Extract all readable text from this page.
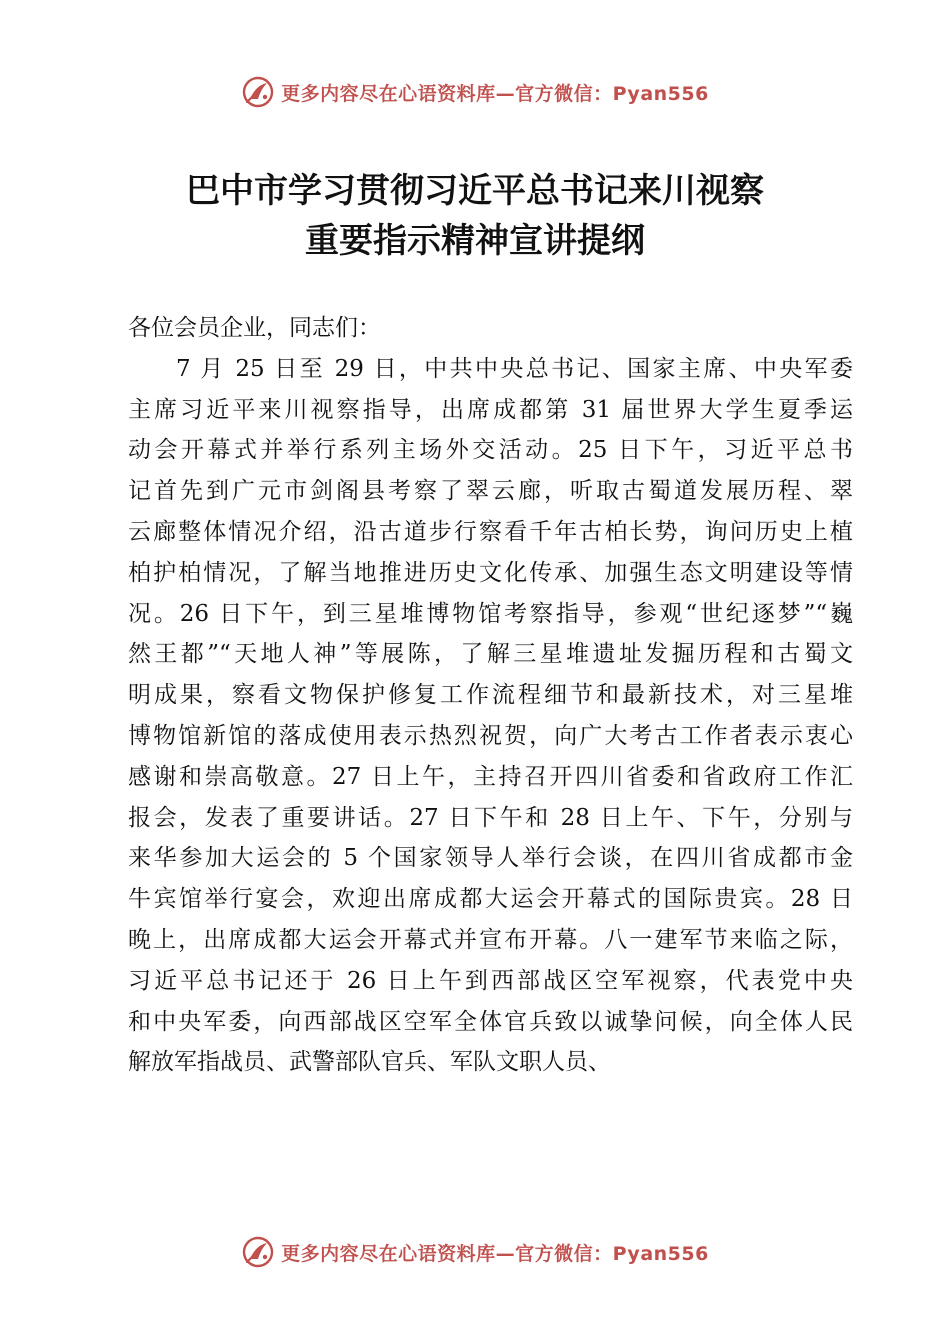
更多内容尽在心语资料库—官方微信：Pyan556
巴中市学习贯彻习近平总书记来川视察
重要指示精神宣讲提纲
各位会员企业，同志们：
7 月 25 日至 29 日，中共中央总书记、国家主席、中央军委
主席习近平来川视察指导，出席成都第 31 届世界大学生夏季运
动会开幕式并举行系列主场外交活动。25 日下午，习近平总书
记首先到广元市剑阁县考察了翠云廊，听取古蜀道发展历程、翠
云廊整体情况介绍，沿古道步行察看千年古柏长势，询问历史上植
柏护柏情况，了解当地推进历史文化传承、加强生态文明建设等情
况。26 日下午，到三星堆博物馆考察指导，参观“世纪逐梦”“巍
然王都”“天地人神”等展陈，了解三星堆遗址发掘历程和古蜀文
明成果，察看文物保护修复工作流程细节和最新技术，对三星堆
博物馆新馆的落成使用表示热烈祝贺，向广大考古工作者表示衷心
感谢和崇高敬意。27 日上午，主持召开四川省委和省政府工作汇
报会，发表了重要讲话。27 日下午和 28 日上午、下午，分别与
来华参加大运会的 5 个国家领导人举行会谈，在四川省成都市金
牛宾馆举行宴会，欢迎出席成都大运会开幕式的国际贵宾。28 日
晚上，出席成都大运会开幕式并宣布开幕。八一建军节来临之际，
习近平总书记还于 26 日上午到西部战区空军视察，代表党中央
和中央军委，向西部战区空军全体官兵致以诚挚问候，向全体人民
解放军指战员、武警部队官兵、军队文职人员、
更多内容尽在心语资料库—官方微信：Pyan556
